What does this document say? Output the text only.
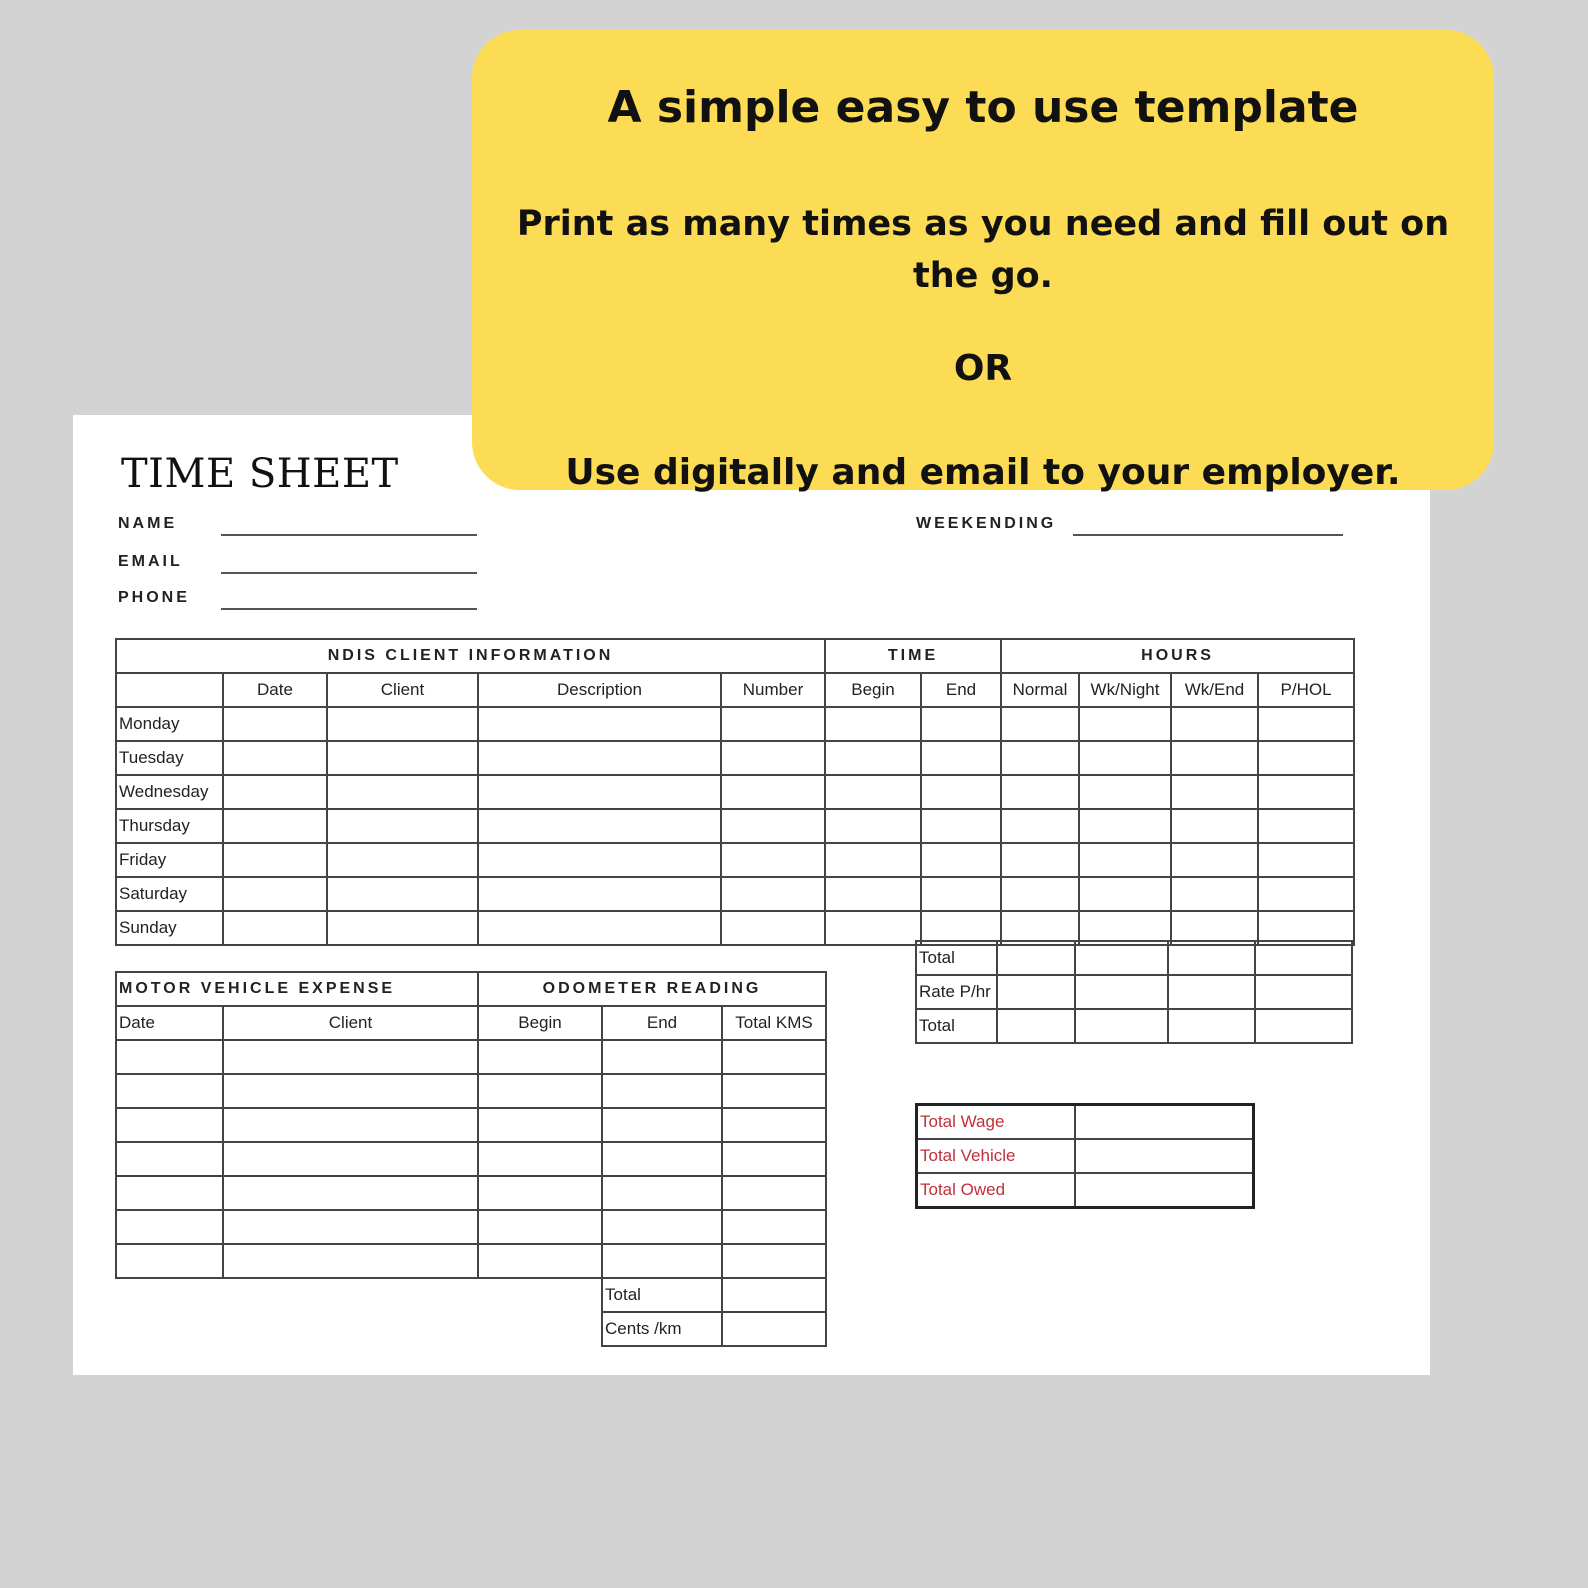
A simple easy to use template
Print as many times as you need and fill out on the go.
OR
Use digitally and email to your employer.
TIME SHEET
NAME
EMAIL
PHONE
WEEKENDING
NDIS CLIENT INFORMATION					TIME		HOURS			
	Date	Client	Description	Number	Begin	End	Normal	Wk/Night	Wk/End	P/HOL
Monday										
Tuesday										
Wednesday										
Thursday										
Friday										
Saturday										
Sunday										
Total				
Rate P/hr				
Total				
MOTOR VEHICLE EXPENSE		ODOMETER READING		
Date	Client	Begin	End	Total KMS

			Total	
			Cents /km	
Total Wage	
Total Vehicle	
Total Owed	
